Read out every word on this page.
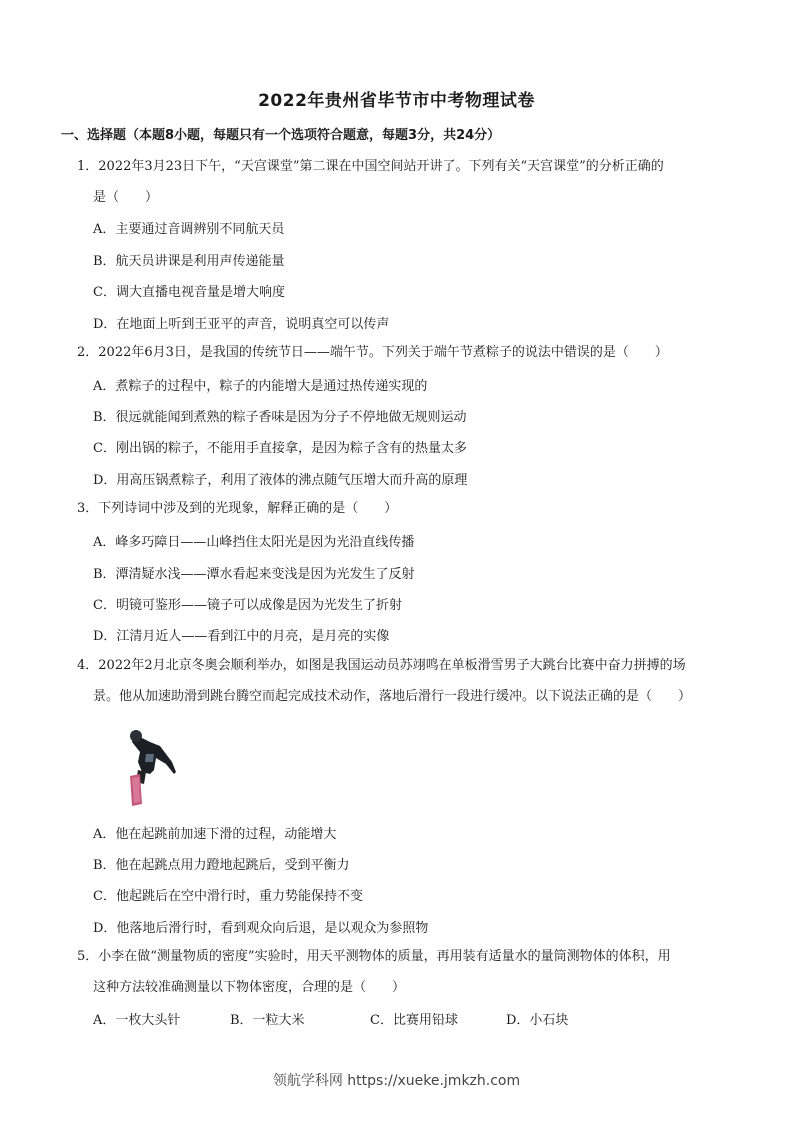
2022年贵州省毕节市中考物理试卷
一、选择题（本题8小题，每题只有一个选项符合题意，每题3分，共24分）
1．2022年3月23日下午，“天宫课堂”第二课在中国空间站开讲了。下列有关“天宫课堂”的分析正确的
是（　　）
A．主要通过音调辨别不同航天员
B．航天员讲课是利用声传递能量
C．调大直播电视音量是增大响度
D．在地面上听到王亚平的声音，说明真空可以传声
2．2022年6月3日，是我国的传统节日——端午节。下列关于端午节煮粽子的说法中错误的是（　　）
A．煮粽子的过程中，粽子的内能增大是通过热传递实现的
B．很远就能闻到煮熟的粽子香味是因为分子不停地做无规则运动
C．刚出锅的粽子，不能用手直接拿，是因为粽子含有的热量太多
D．用高压锅煮粽子，利用了液体的沸点随气压增大而升高的原理
3．下列诗词中涉及到的光现象，解释正确的是（　　）
A．峰多巧障日——山峰挡住太阳光是因为光沿直线传播
B．潭清疑水浅——潭水看起来变浅是因为光发生了反射
C．明镜可鉴形——镜子可以成像是因为光发生了折射
D．江清月近人——看到江中的月亮，是月亮的实像
4．2022年2月北京冬奥会顺利举办，如图是我国运动员苏翊鸣在单板滑雪男子大跳台比赛中奋力拼搏的场
景。他从加速助滑到跳台腾空而起完成技术动作，落地后滑行一段进行缓冲。以下说法正确的是（　　）
A．他在起跳前加速下滑的过程，动能增大
B．他在起跳点用力蹬地起跳后，受到平衡力
C．他起跳后在空中滑行时，重力势能保持不变
D．他落地后滑行时，看到观众向后退，是以观众为参照物
5．小李在做“测量物质的密度”实验时，用天平测物体的质量，再用装有适量水的量筒测物体的体积，用
这种方法较准确测量以下物体密度，合理的是（　　）
A．一枚大头针	B．一粒大米	C．比赛用铅球	D．小石块
领航学科网 https://xueke.jmkzh.com
